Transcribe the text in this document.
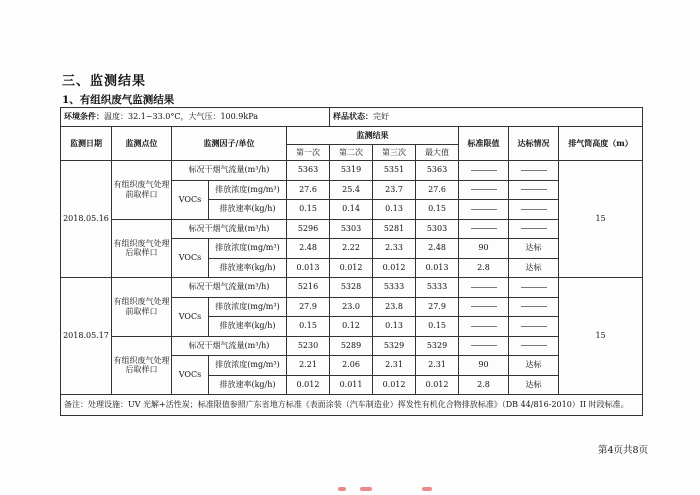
三、监测结果
1、有组织废气监测结果
环境条件：温度：32.1~33.0°C，大气压：100.9kPa					样品状态：完好					
监测日期	监测点位	监测因子/单位		监测结果				标准限值	达标情况	排气筒高度（m）
				第一次	第二次	第三次	最大值			
2018.05.16	有组织废气处理前取样口	标况干烟气流量(m³/h)		5363	5319	5351	5363			15
		VOCs	排放浓度(mg/m³)	27.6	25.4	23.7	27.6			
			排放速率(kg/h)	0.15	0.14	0.13	0.15			
	有组织废气处理后取样口	标况干烟气流量(m³/h)		5296	5303	5281	5303			
		VOCs	排放浓度(mg/m³)	2.48	2.22	2.33	2.48	90	达标	
			排放速率(kg/h)	0.013	0.012	0.012	0.013	2.8	达标	
2018.05.17	有组织废气处理前取样口	标况干烟气流量(m³/h)		5216	5328	5333	5333			15
		VOCs	排放浓度(mg/m³)	27.9	23.0	23.8	27.9			
			排放速率(kg/h)	0.15	0.12	0.13	0.15			
	有组织废气处理后取样口	标况干烟气流量(m³/h)		5230	5289	5329	5329			
		VOCs	排放浓度(mg/m³)	2.21	2.06	2.31	2.31	90	达标	
			排放速率(kg/h)	0.012	0.011	0.012	0.012	2.8	达标	
备注：处理设施：UV 光解+活性炭；标准限值参照广东省地方标准《表面涂装（汽车制造业）挥发性有机化合物排放标准》（DB 44/816-2010）II 时段标准。										
第4页共8页
